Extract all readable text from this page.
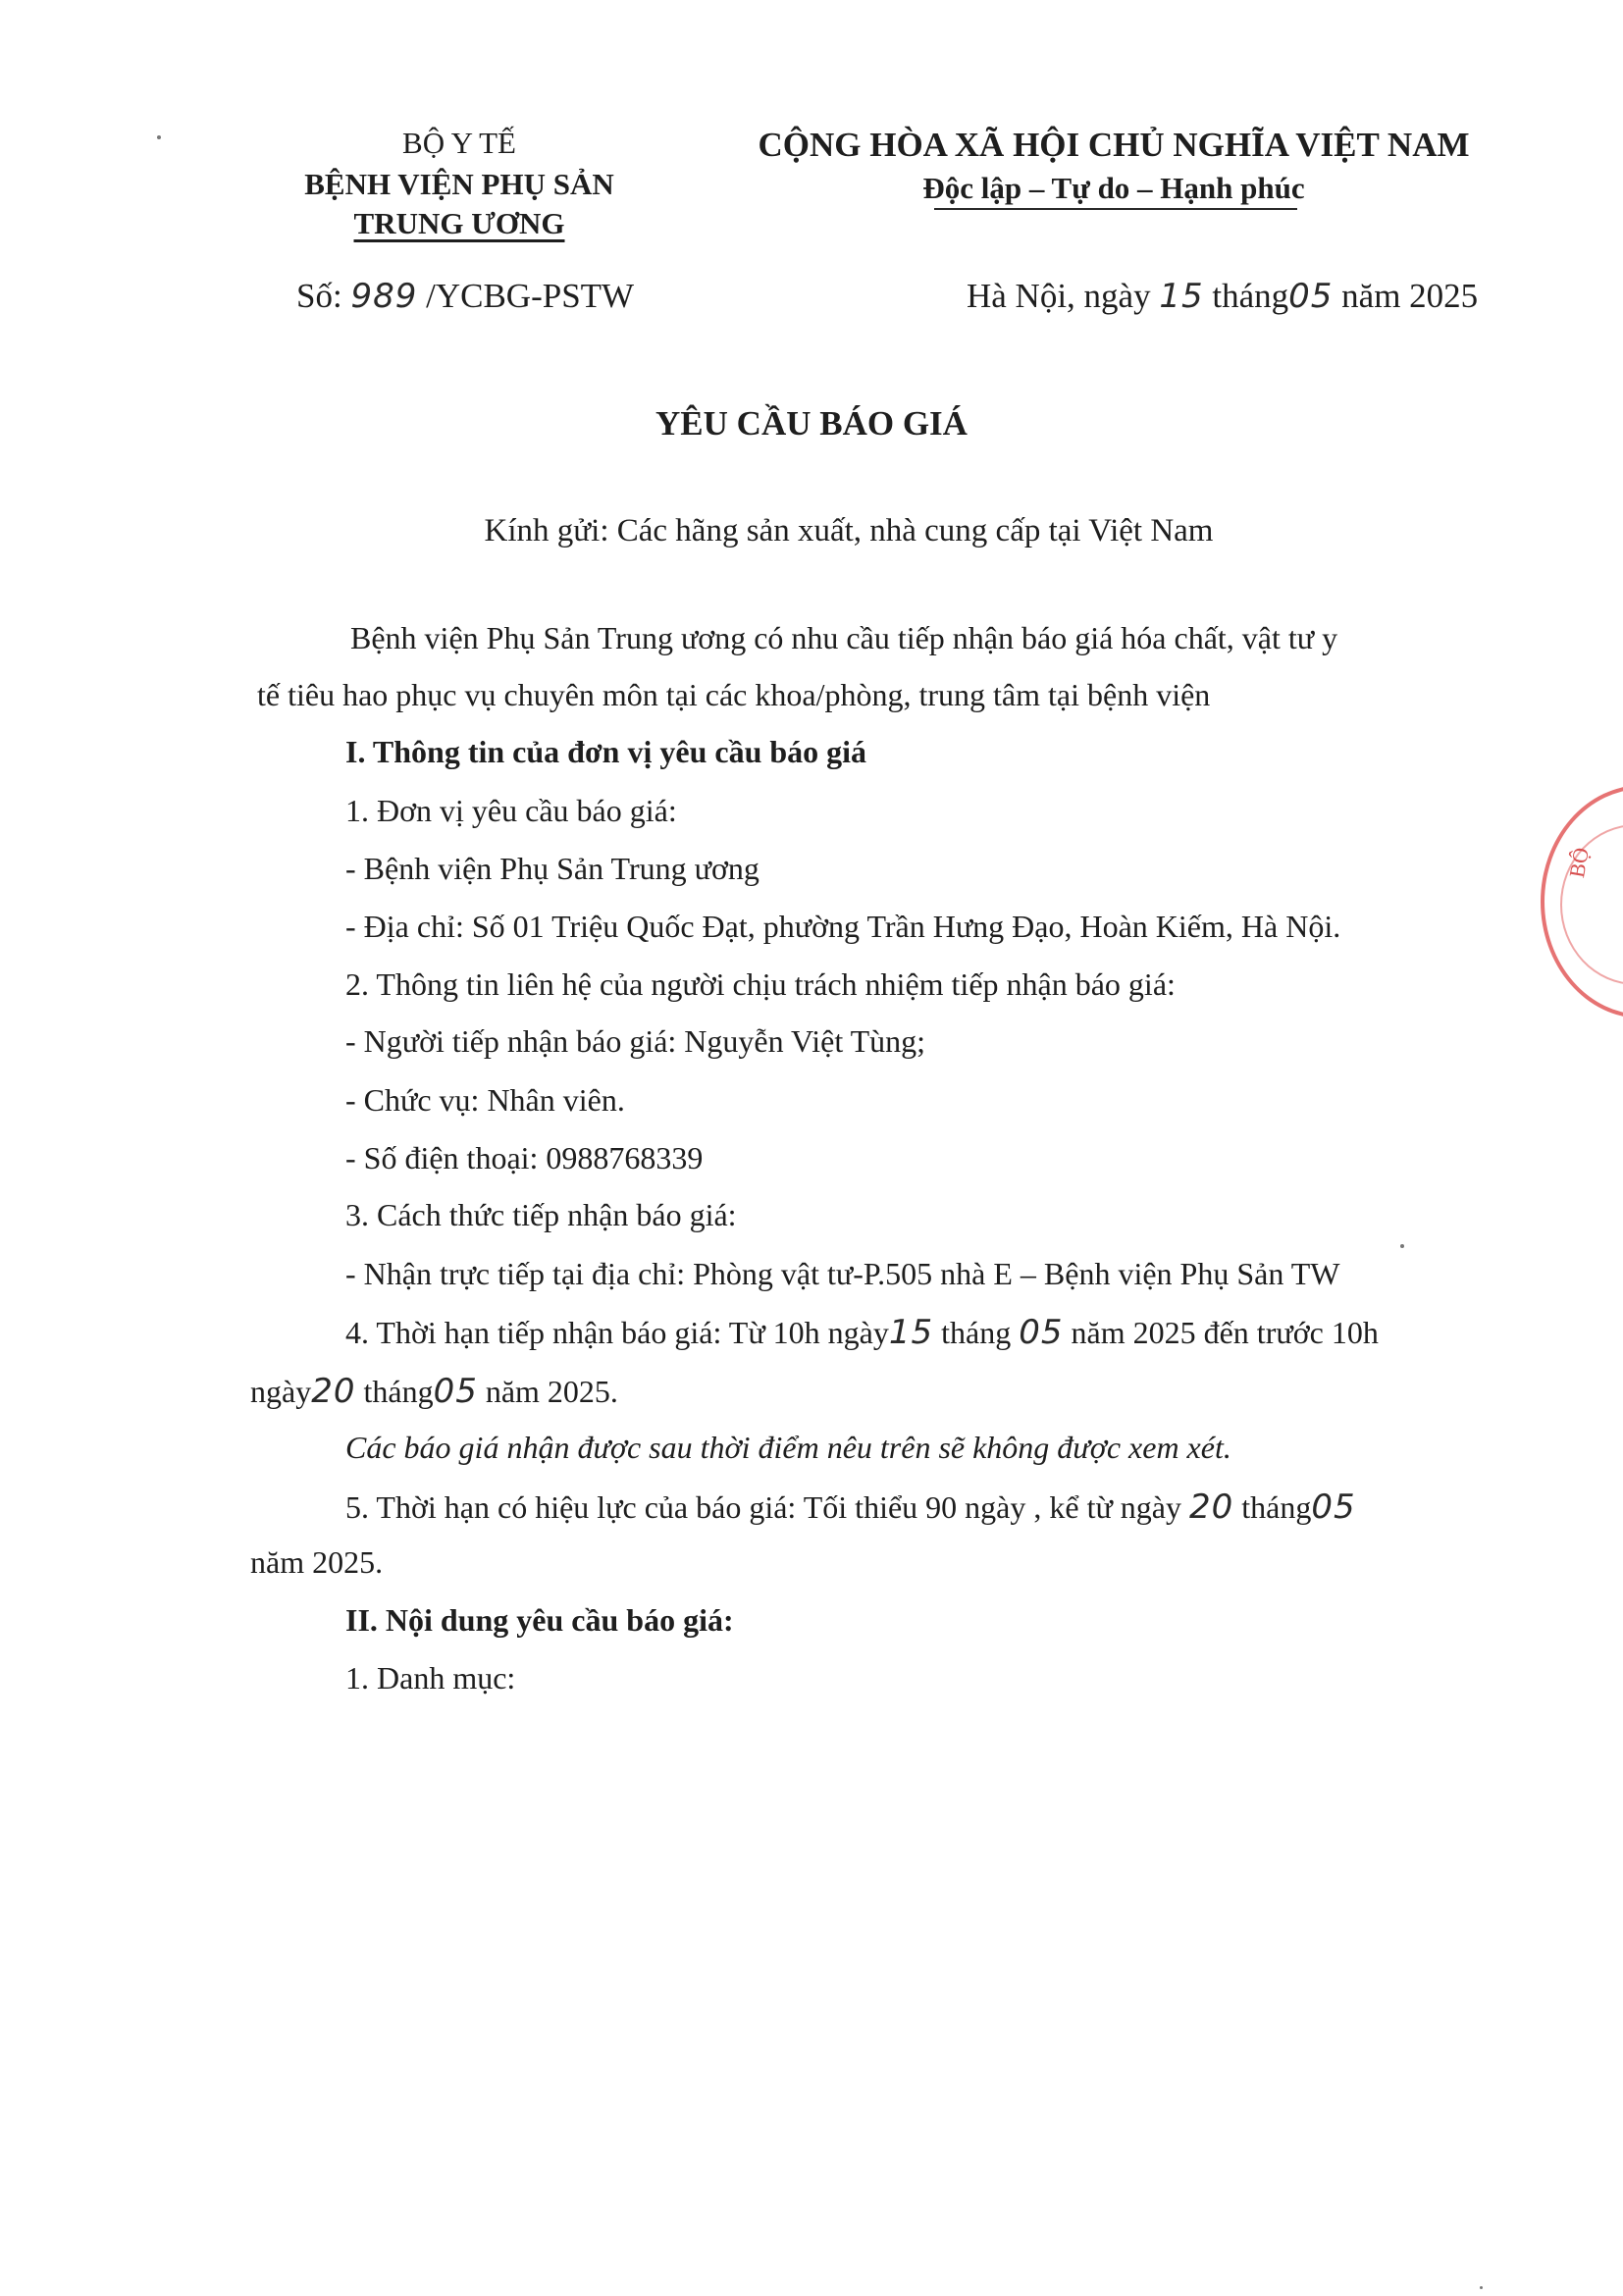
BỘ Y TẾ
BỆNH VIỆN PHỤ SẢN
TRUNG ƯƠNG
CỘNG HÒA XÃ HỘI CHỦ NGHĨA VIỆT NAM
Độc lập – Tự do – Hạnh phúc
Số: 989 /YCBG-PSTW	Hà Nội, ngày 15 tháng05 năm 2025
YÊU CẦU BÁO GIÁ
Kính gửi: Các hãng sản xuất, nhà cung cấp tại Việt Nam
Bệnh viện Phụ Sản Trung ương có nhu cầu tiếp nhận báo giá hóa chất, vật tư y
tế tiêu hao phục vụ chuyên môn tại các khoa/phòng, trung tâm tại bệnh viện
I. Thông tin của đơn vị yêu cầu báo giá
1. Đơn vị yêu cầu báo giá:
- Bệnh viện Phụ Sản Trung ương
- Địa chỉ: Số 01 Triệu Quốc Đạt, phường Trần Hưng Đạo, Hoàn Kiếm, Hà Nội.
2. Thông tin liên hệ của người chịu trách nhiệm tiếp nhận báo giá:
- Người tiếp nhận báo giá: Nguyễn Việt Tùng;
- Chức vụ: Nhân viên.
- Số điện thoại: 0988768339
3. Cách thức tiếp nhận báo giá:
- Nhận trực tiếp tại địa chỉ: Phòng vật tư-P.505 nhà E – Bệnh viện Phụ Sản TW
4. Thời hạn tiếp nhận báo giá: Từ 10h ngày15 tháng 05 năm 2025 đến trước 10h
ngày20 tháng05 năm 2025.
Các báo giá nhận được sau thời điểm nêu trên sẽ không được xem xét.
5. Thời hạn có hiệu lực của báo giá: Tối thiểu 90 ngày , kể từ ngày 20 tháng05
năm 2025.
II. Nội dung yêu cầu báo giá:
1. Danh mục:
BỘ
